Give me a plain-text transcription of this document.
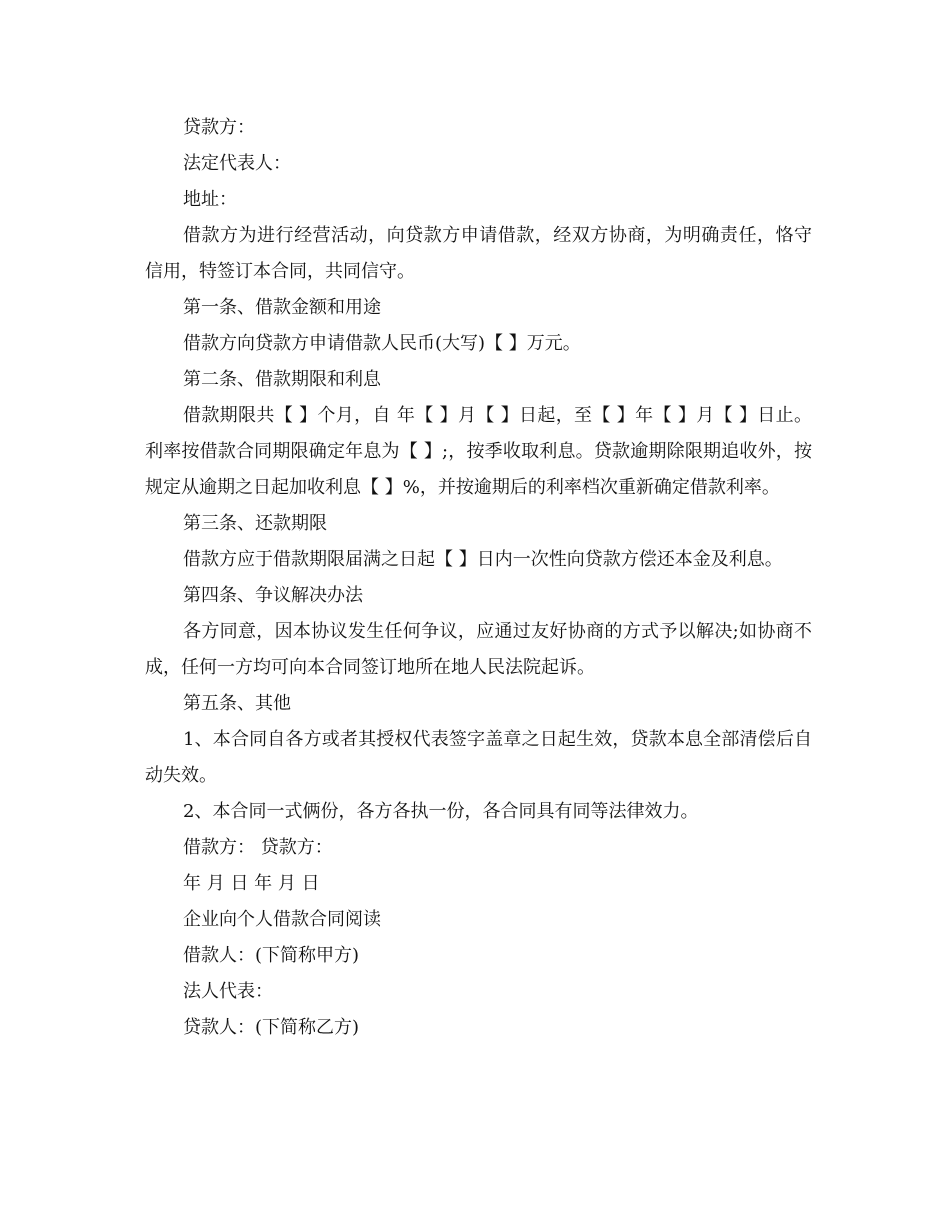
贷款方：

法定代表人：

地址：

借款方为进行经营活动，向贷款方申请借款，经双方协商，为明确责任，恪守信用，特签订本合同，共同信守。

第一条、借款金额和用途

借款方向贷款方申请借款人民币(大写)【 】万元。

第二条、借款期限和利息

借款期限共【 】个月，自 年【 】月【 】日起，至【 】年【 】月【 】日止。利率按借款合同期限确定年息为【 】;，按季收取利息。贷款逾期除限期追收外，按规定从逾期之日起加收利息【 】%，并按逾期后的利率档次重新确定借款利率。

第三条、还款期限

借款方应于借款期限届满之日起【 】日内一次性向贷款方偿还本金及利息。

第四条、争议解决办法

各方同意，因本协议发生任何争议，应通过友好协商的方式予以解决;如协商不成，任何一方均可向本合同签订地所在地人民法院起诉。

第五条、其他

1、本合同自各方或者其授权代表签字盖章之日起生效，贷款本息全部清偿后自动失效。

2、本合同一式俩份，各方各执一份，各合同具有同等法律效力。

借款方： 贷款方：

年 月 日 年 月 日

企业向个人借款合同阅读

借款人：(下简称甲方)

法人代表：

贷款人：(下简称乙方)
